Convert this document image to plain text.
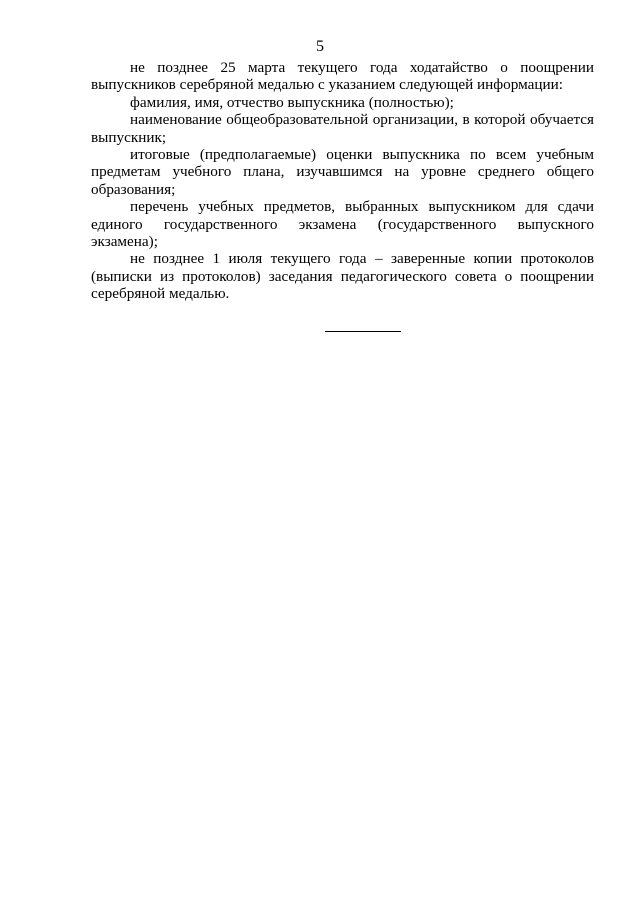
5

не позднее 25 марта текущего года ходатайство о поощрении выпускников серебряной медалью с указанием следующей информации:

фамилия, имя, отчество выпускника (полностью);

наименование общеобразовательной организации, в которой обучается выпускник;

итоговые (предполагаемые) оценки выпускника по всем учебным предметам учебного плана, изучавшимся на уровне среднего общего образования;

перечень учебных предметов, выбранных выпускником для сдачи единого государственного экзамена (государственного выпускного экзамена);

не позднее 1 июля текущего года – заверенные копии протоколов (выписки из протоколов) заседания педагогического совета о поощрении серебряной медалью.
